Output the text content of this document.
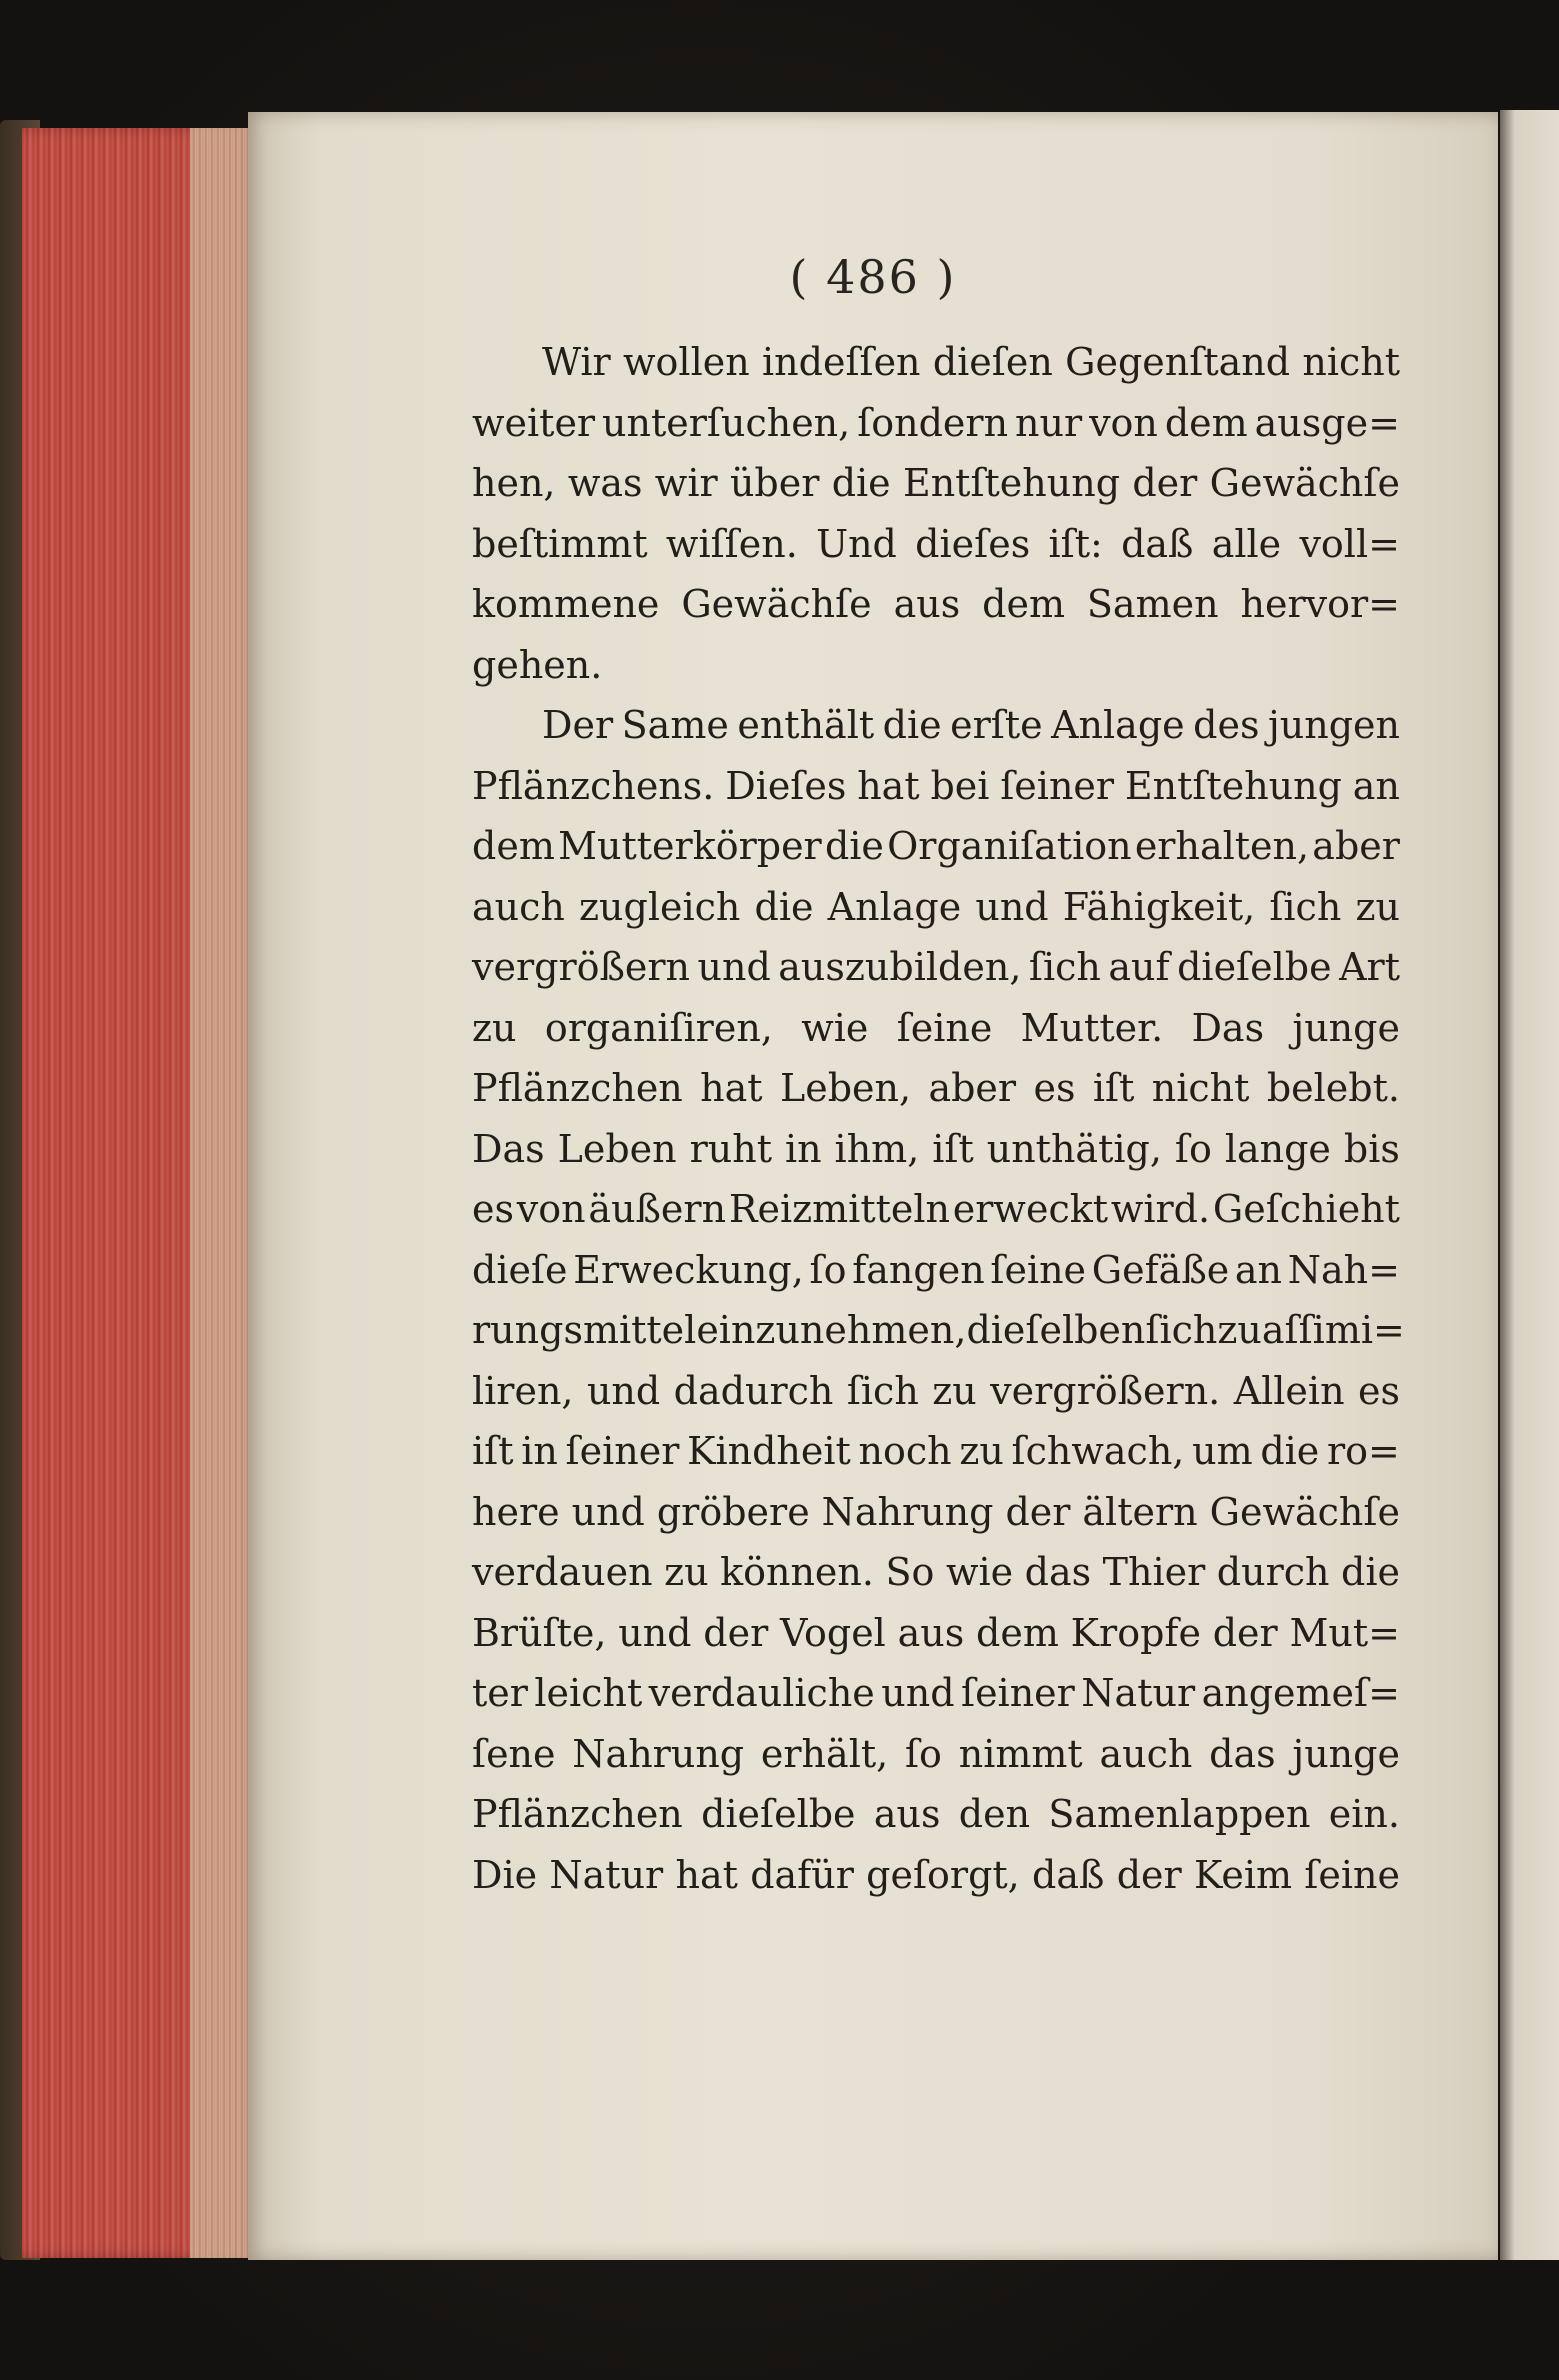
( 486 )
Wir wollen indeſſen dieſen Gegenſtand nicht
weiter unterſuchen, ſondern nur von dem ausge=
hen, was wir über die Entſtehung der Gewächſe
beſtimmt wiſſen. Und dieſes iſt: daß alle voll=
kommene Gewächſe aus dem Samen hervor=
gehen.
Der Same enthält die erſte Anlage des jungen
Pflänzchens. Dieſes hat bei ſeiner Entſtehung an
dem Mutterkörper die Organiſation erhalten, aber
auch zugleich die Anlage und Fähigkeit, ſich zu
vergrößern und auszubilden, ſich auf dieſelbe Art
zu organiſiren, wie ſeine Mutter. Das junge
Pflänzchen hat Leben, aber es iſt nicht belebt.
Das Leben ruht in ihm, iſt unthätig, ſo lange bis
es von äußern Reizmitteln erweckt wird. Geſchieht
dieſe Erweckung, ſo fangen ſeine Gefäße an Nah=
rungsmittel einzunehmen, dieſelben ſich zu aſſimi=
liren, und dadurch ſich zu vergrößern. Allein es
iſt in ſeiner Kindheit noch zu ſchwach, um die ro=
here und gröbere Nahrung der ältern Gewächſe
verdauen zu können. So wie das Thier durch die
Brüſte, und der Vogel aus dem Kropfe der Mut=
ter leicht verdauliche und ſeiner Natur angemeſ=
ſene Nahrung erhält, ſo nimmt auch das junge
Pflänzchen dieſelbe aus den Samenlappen ein.
Die Natur hat dafür geſorgt, daß der Keim ſeine
